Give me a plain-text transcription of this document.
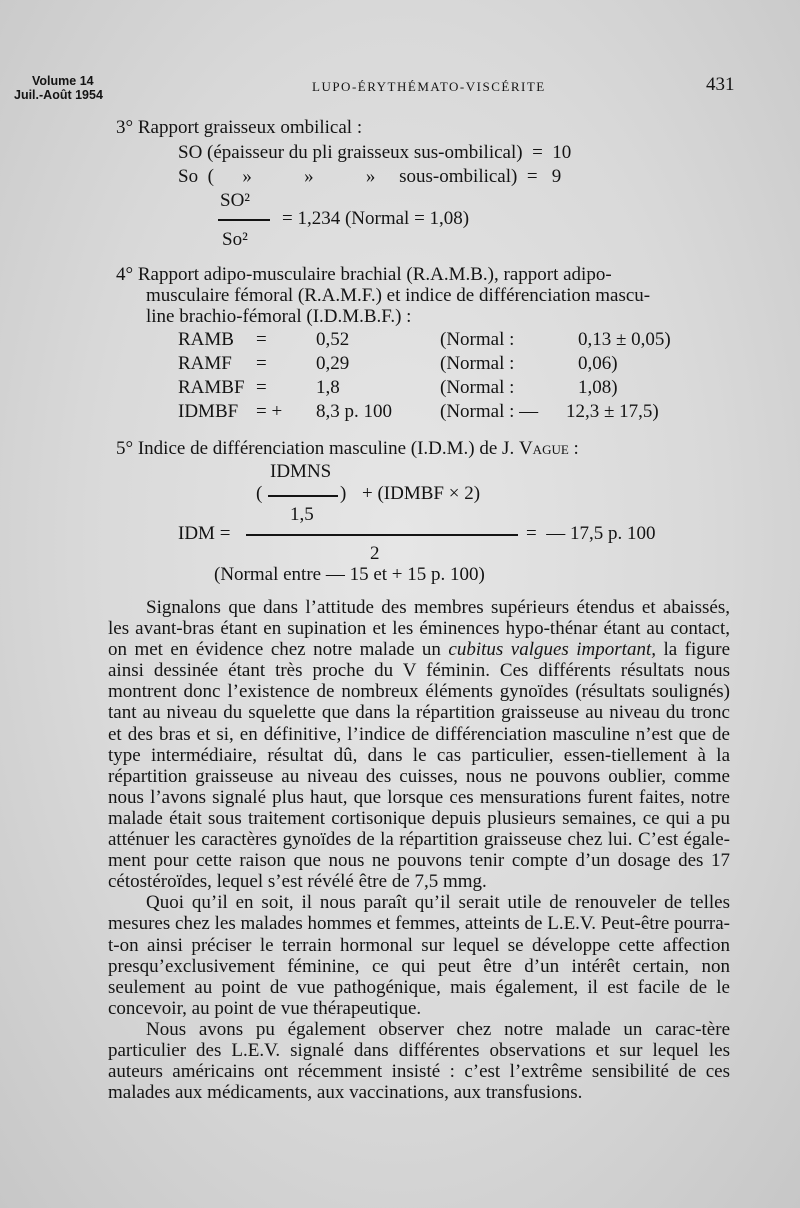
Volume 14
Juil.-Août 1954
LUPO-ÉRYTHÉMATO-VISCÉRITE	431
3° Rapport graisseux ombilical :
SO (épaisseur du pli graisseux sus-ombilical)  =  10
So  (      »           »           »     sous-ombilical)  =   9
SO²
= 1,234 (Normal = 1,08)
So²
4° Rapport adipo-musculaire brachial (R.A.M.B.), rapport adipo-
musculaire fémoral (R.A.M.F.) et indice de différenciation mascu-
line brachio-fémoral (I.D.M.B.F.) :
RAMB =	0,52	(Normal :	0,13 ± 0,05)
RAMF =	0,29	(Normal :	0,06)
RAMBF =	1,8	(Normal :	1,08)
IDMBF = + 8,3 p. 100	(Normal : — 12,3 ± 17,5)
5° Indice de différenciation masculine (I.D.M.) de J. Vague :
IDMNS
(	) + (IDMBF × 2)
1,5
IDM =	=  — 17,5 p. 100
2
(Normal entre — 15 et + 15 p. 100)

Signalons que dans l’attitude des membres supérieurs étendus et abaissés, les avant-bras étant en supination et les éminences hypo-thénar étant au contact, on met en évidence chez notre malade un cubitus valgues important, la figure ainsi dessinée étant très proche du V féminin. Ces différents résultats nous montrent donc l’existence de nombreux éléments gynoïdes (résultats soulignés) tant au niveau du squelette que dans la répartition graisseuse au niveau du tronc et des bras et si, en définitive, l’indice de différenciation masculine n’est que de type intermédiaire, résultat dû, dans le cas particulier, essen-tiellement à la répartition graisseuse au niveau des cuisses, nous ne pouvons oublier, comme nous l’avons signalé plus haut, que lorsque ces mensurations furent faites, notre malade était sous traitement cortisonique depuis plusieurs semaines, ce qui a pu atténuer les caractères gynoïdes de la répartition graisseuse chez lui. C’est égale-ment pour cette raison que nous ne pouvons tenir compte d’un dosage des 17 cétostéroïdes, lequel s’est révélé être de 7,5 mmg.

Quoi qu’il en soit, il nous paraît qu’il serait utile de renouveler de telles mesures chez les malades hommes et femmes, atteints de L.E.V. Peut-être pourra-t-on ainsi préciser le terrain hormonal sur lequel se développe cette affection presqu’exclusivement féminine, ce qui peut être d’un intérêt certain, non seulement au point de vue pathogénique, mais également, il est facile de le concevoir, au point de vue thérapeutique.

Nous avons pu également observer chez notre malade un carac-tère particulier des L.E.V. signalé dans différentes observations et sur lequel les auteurs américains ont récemment insisté : c’est l’extrême sensibilité de ces malades aux médicaments, aux vaccinations, aux transfusions.
